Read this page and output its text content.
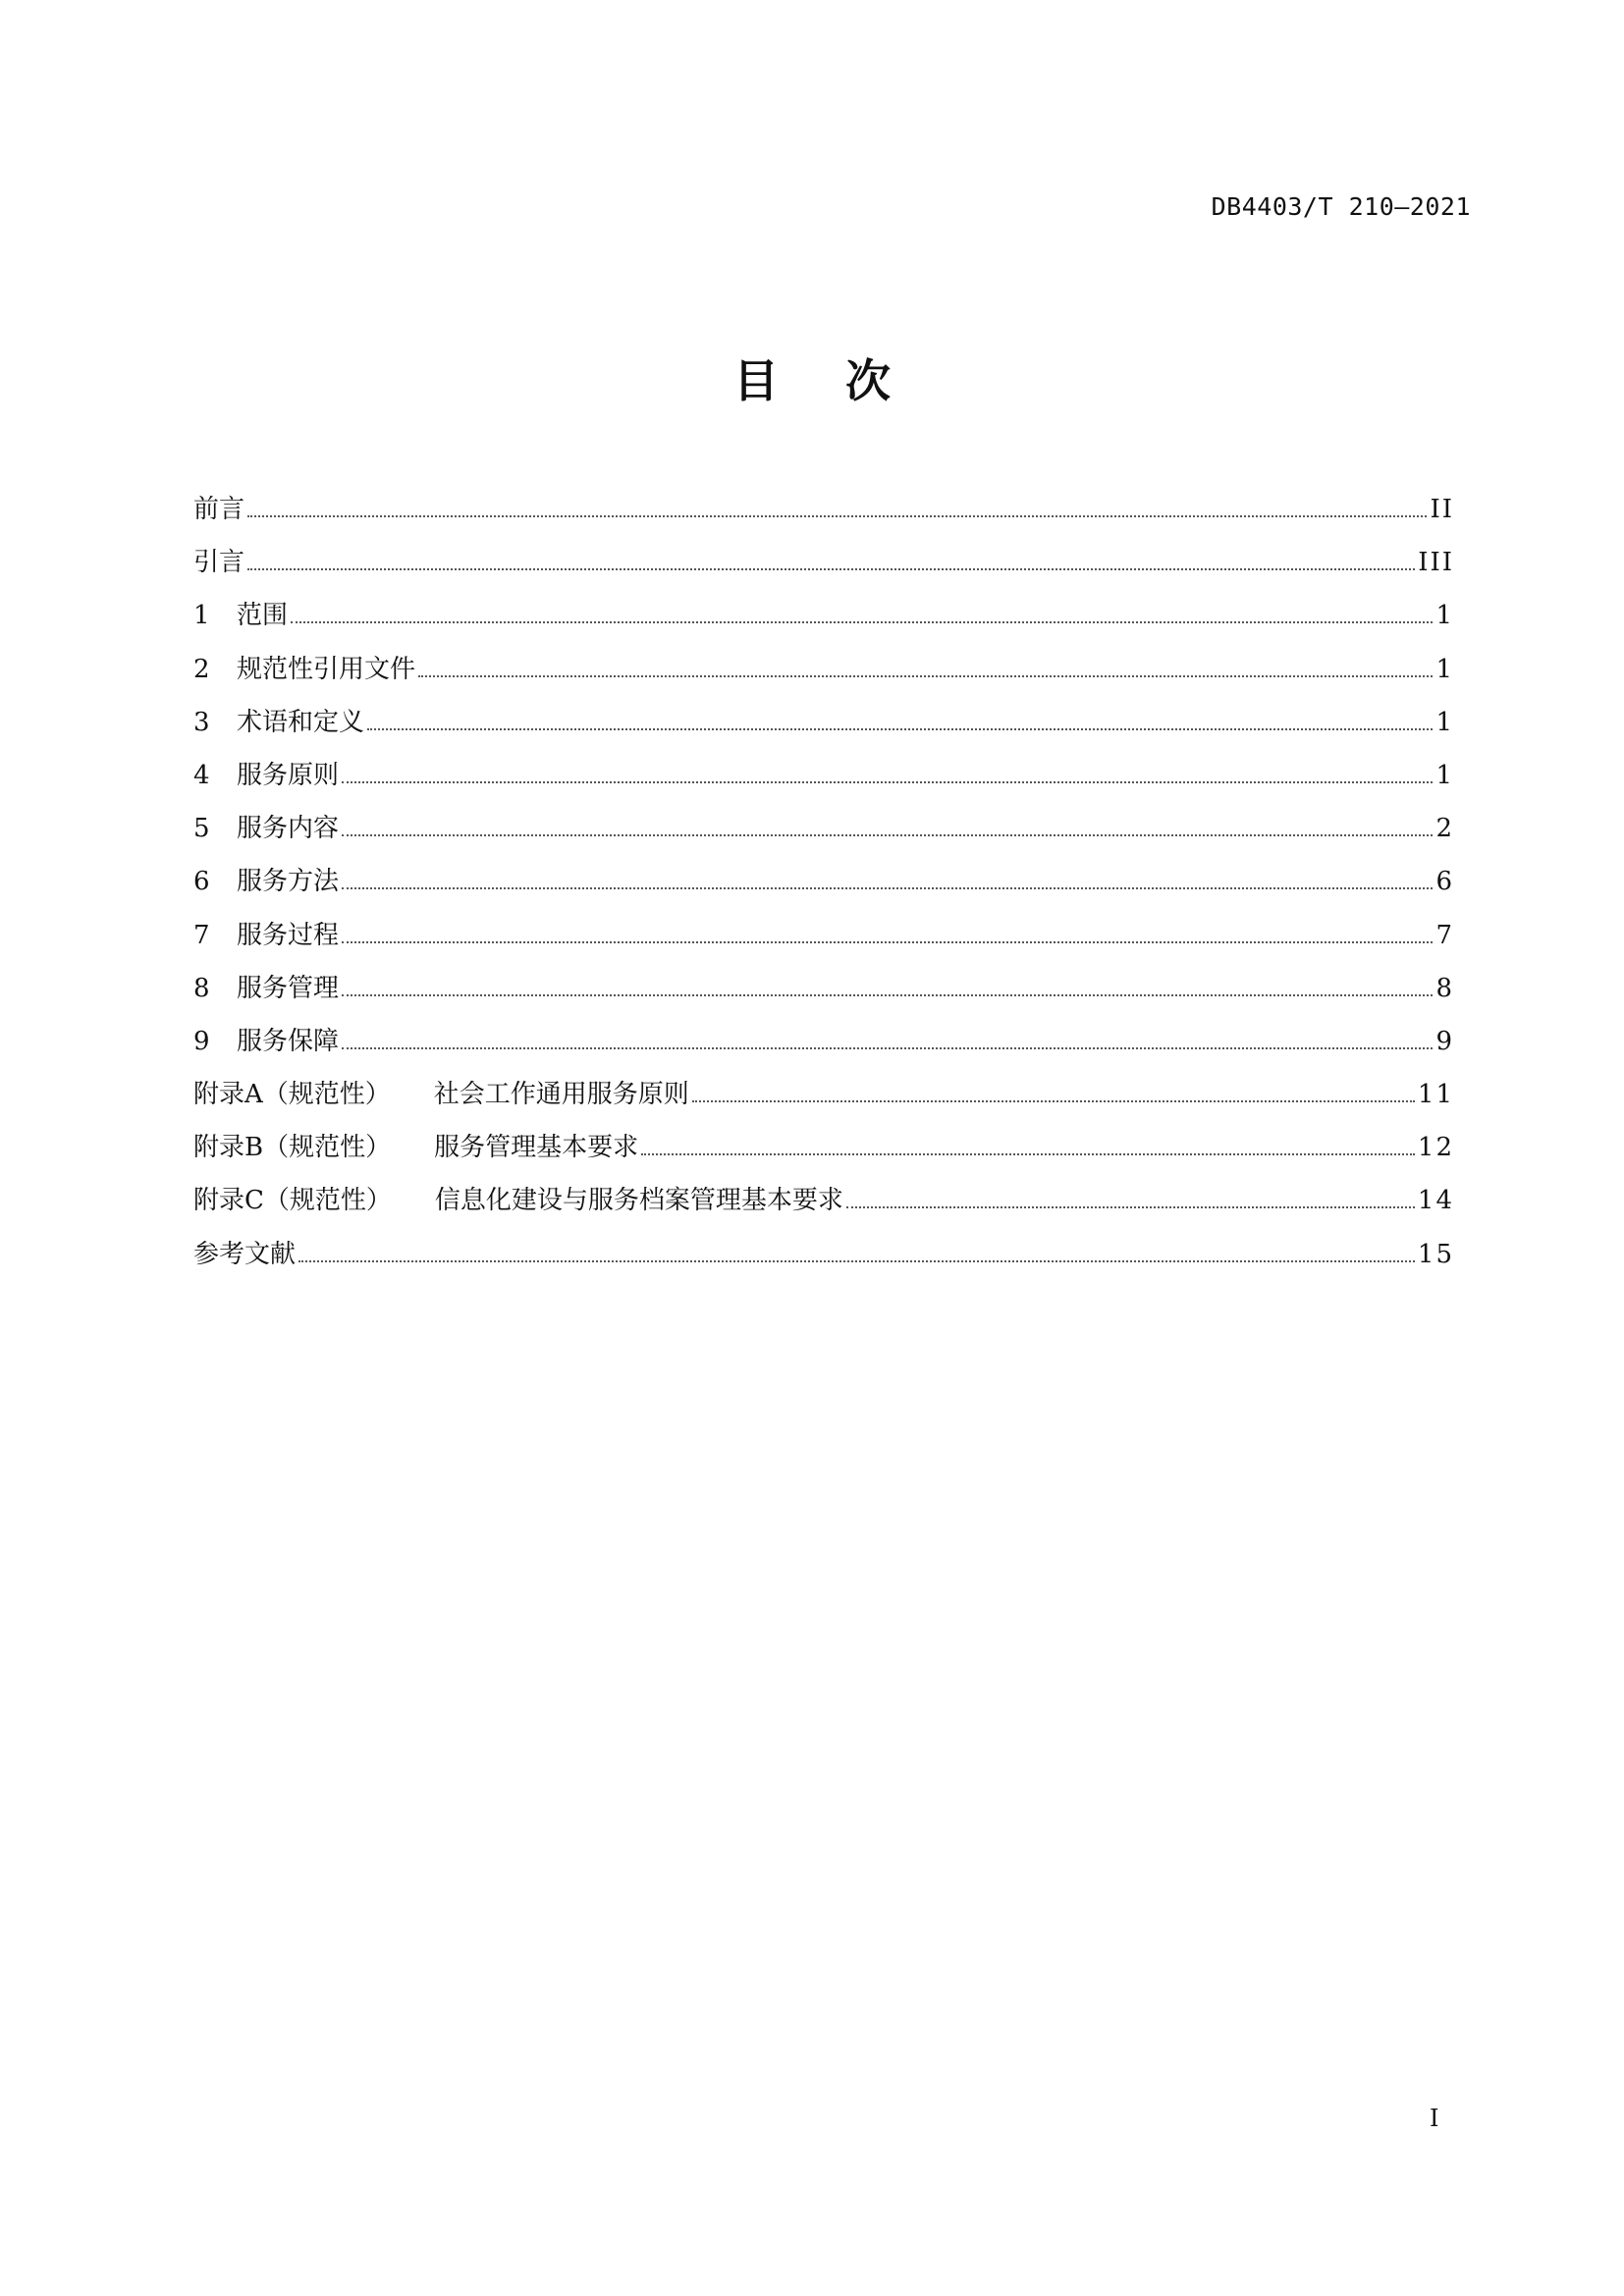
DB4403/T 210—2021
目次
前言	II
引言	III
1	范围	1
2	规范性引用文件	1
3	术语和定义	1
4	服务原则	1
5	服务内容	2
6	服务方法	6
7	服务过程	7
8	服务管理	8
9	服务保障	9
附录A（规范性） 社会工作通用服务原则	11
附录B（规范性） 服务管理基本要求	12
附录C（规范性） 信息化建设与服务档案管理基本要求	14
参考文献	15
I
